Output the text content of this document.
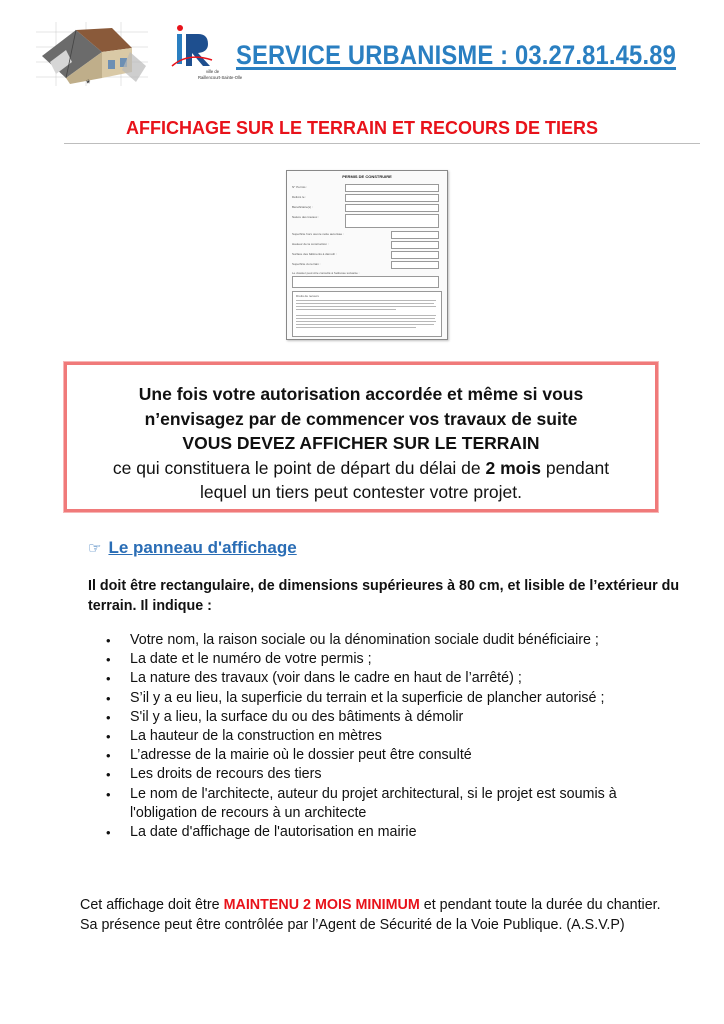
*
ville de
Raillencourt-Sainte-Olle
SERVICE URBANISME : 03.27.81.45.89
AFFICHAGE SUR LE TERRAIN ET RECOURS DE TIERS
PERMIS DE CONSTRUIRE
N° Permis :
Délivré le :
Bénéficiaire(s) :
Nature des travaux :
Superficie hors œuvre nette autorisée :
Hauteur de la construction :
Surface des bâtiments à démolir :
Superficie du terrain :
Le dossier peut être consulté à l'adresse suivante :
Droits de recours
Une fois votre autorisation accordée et même si vous
n’envisagez par de commencer vos travaux de suite
VOUS DEVEZ AFFICHER SUR LE TERRAIN
ce qui constituera le point de départ du délai de 2 mois pendant
lequel un tiers peut contester votre projet.
☞ Le panneau d'affichage
Il doit être rectangulaire, de dimensions supérieures à 80 cm, et lisible de l’extérieur du terrain. Il indique :
• Votre nom, la raison sociale ou la dénomination sociale dudit bénéficiaire ;
• La date et le numéro de votre permis ;
• La nature des travaux (voir dans le cadre en haut de l’arrêté) ;
• S’il y a eu lieu, la superficie du terrain et la superficie de plancher autorisé ;
• S'il y a lieu, la surface du ou des bâtiments à démolir
• La hauteur de la construction en mètres
• L’adresse de la mairie où le dossier peut être consulté
• Les droits de recours des tiers
• Le nom de l'architecte, auteur du projet architectural, si le projet est soumis à l'obligation de recours à un architecte
• La date d'affichage de l'autorisation en mairie
Cet affichage doit être MAINTENU 2 MOIS MINIMUM et pendant toute la durée du chantier. Sa présence peut être contrôlée par l’Agent de Sécurité de la Voie Publique. (A.S.V.P)
